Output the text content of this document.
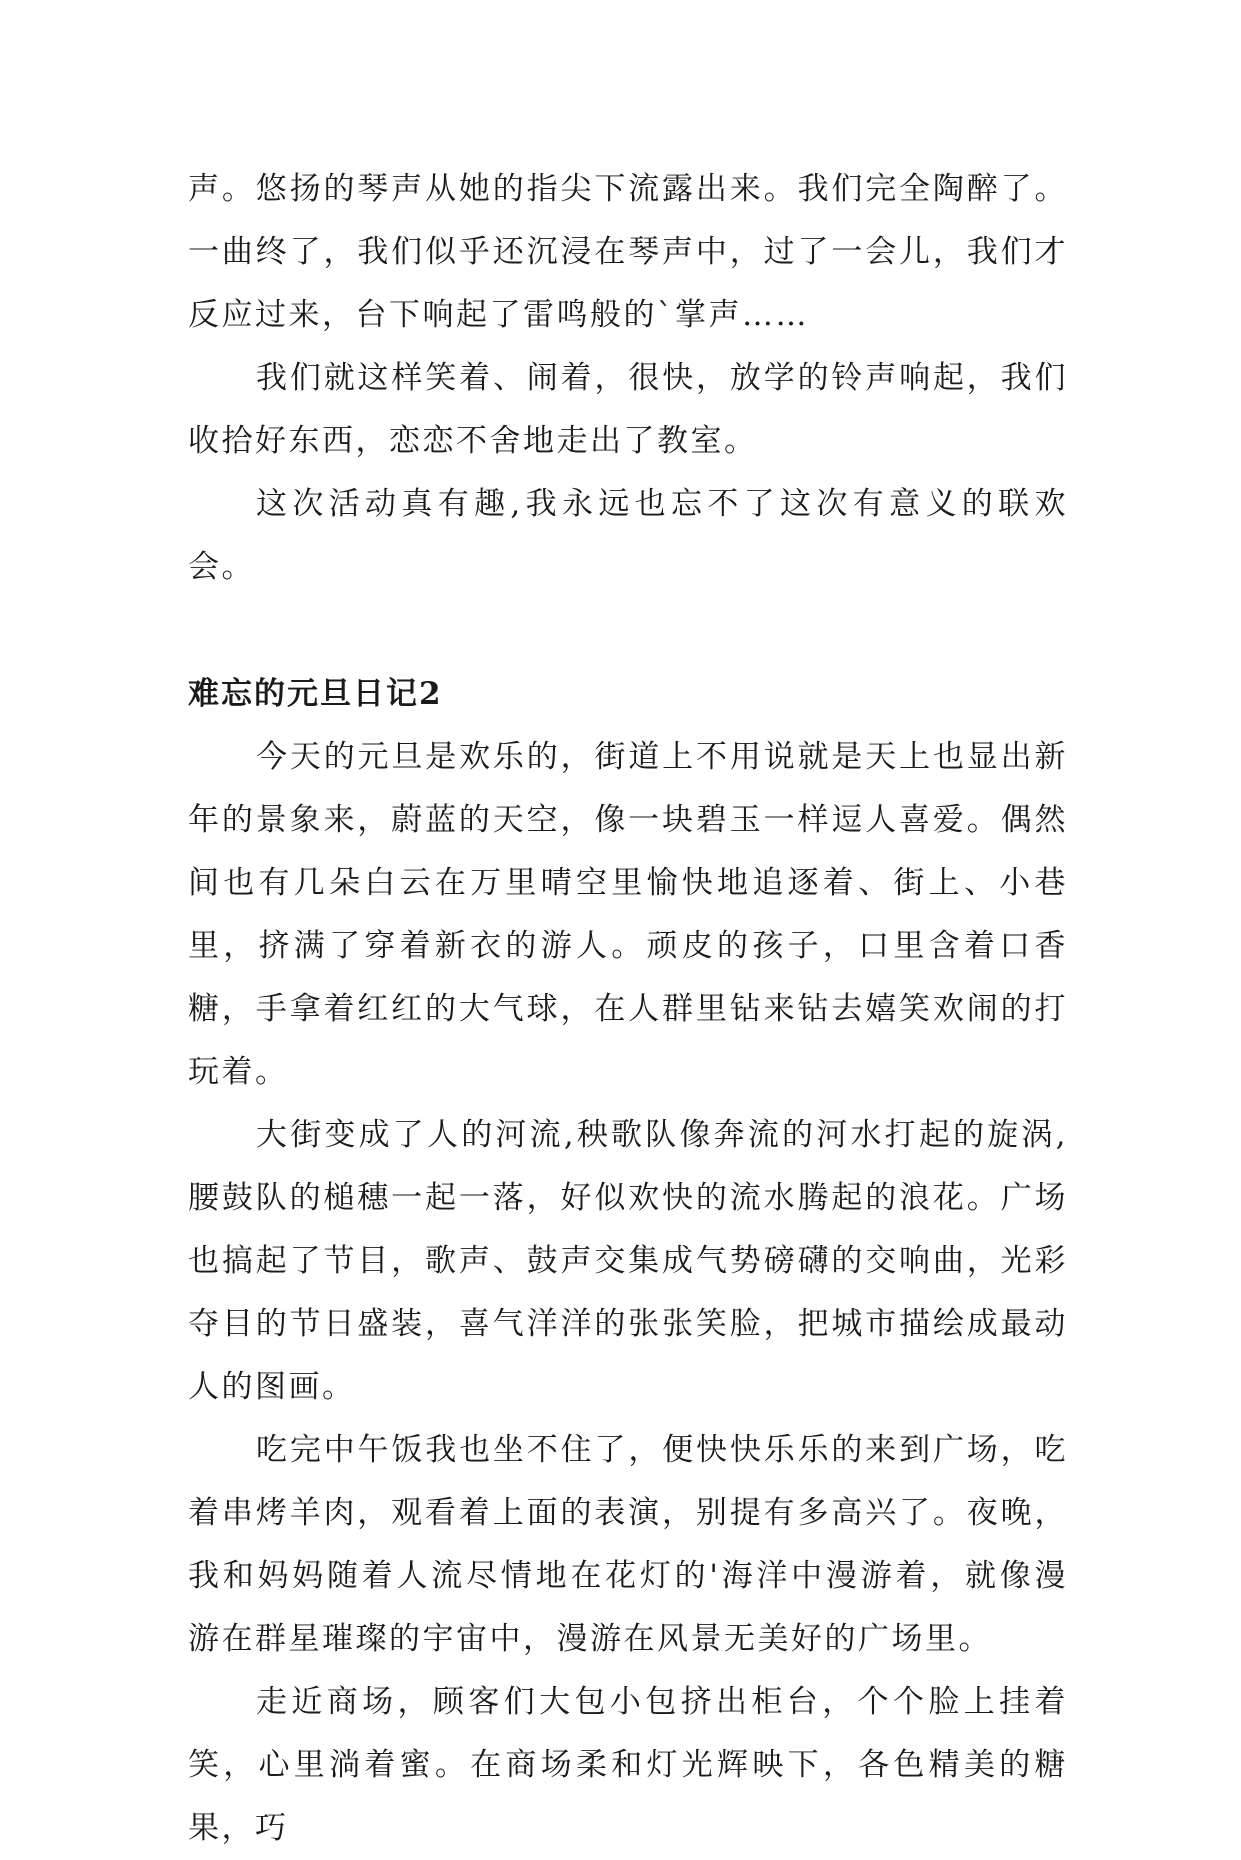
声。悠扬的琴声从她的指尖下流露出来。我们完全陶醉了。一曲终了，我们似乎还沉浸在琴声中，过了一会儿，我们才反应过来，台下响起了雷鸣般的`掌声……

我们就这样笑着、闹着，很快，放学的铃声响起，我们收拾好东西，恋恋不舍地走出了教室。

这次活动真有趣,我永远也忘不了这次有意义的联欢会。

难忘的元旦日记2

今天的元旦是欢乐的，街道上不用说就是天上也显出新年的景象来，蔚蓝的天空，像一块碧玉一样逗人喜爱。偶然间也有几朵白云在万里晴空里愉快地追逐着、街上、小巷里，挤满了穿着新衣的游人。顽皮的孩子，口里含着口香糖，手拿着红红的大气球，在人群里钻来钻去嬉笑欢闹的打玩着。

大街变成了人的河流,秧歌队像奔流的河水打起的旋涡,腰鼓队的槌穗一起一落，好似欢快的流水腾起的浪花。广场也搞起了节目，歌声、鼓声交集成气势磅礴的交响曲，光彩夺目的节日盛装，喜气洋洋的张张笑脸，把城市描绘成最动人的图画。

吃完中午饭我也坐不住了，便快快乐乐的来到广场，吃着串烤羊肉，观看着上面的表演，别提有多高兴了。夜晚，我和妈妈随着人流尽情地在花灯的'海洋中漫游着，就像漫游在群星璀璨的宇宙中，漫游在风景无美好的广场里。

走近商场，顾客们大包小包挤出柜台，个个脸上挂着笑，心里淌着蜜。在商场柔和灯光辉映下，各色精美的糖果，巧
